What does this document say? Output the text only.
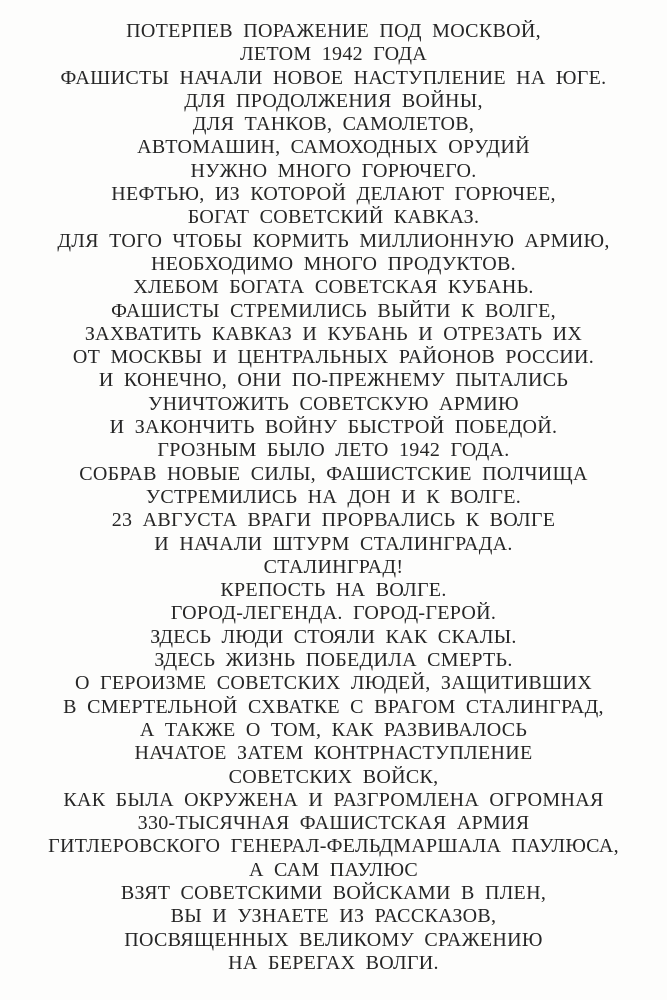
ПОТЕРПЕВ ПОРАЖЕНИЕ ПОД МОСКВОЙ,
ЛЕТОМ 1942 ГОДА
ФАШИСТЫ НАЧАЛИ НОВОЕ НАСТУПЛЕНИЕ НА ЮГЕ.
ДЛЯ ПРОДОЛЖЕНИЯ ВОЙНЫ,
ДЛЯ ТАНКОВ, САМОЛЕТОВ,
АВТОМАШИН, САМОХОДНЫХ ОРУДИЙ
НУЖНО МНОГО ГОРЮЧЕГО.
НЕФТЬЮ, ИЗ КОТОРОЙ ДЕЛАЮТ ГОРЮЧЕЕ,
БОГАТ СОВЕТСКИЙ КАВКАЗ.
ДЛЯ ТОГО ЧТОБЫ КОРМИТЬ МИЛЛИОННУЮ АРМИЮ,
НЕОБХОДИМО МНОГО ПРОДУКТОВ.
ХЛЕБОМ БОГАТА СОВЕТСКАЯ КУБАНЬ.
ФАШИСТЫ СТРЕМИЛИСЬ ВЫЙТИ К ВОЛГЕ,
ЗАХВАТИТЬ КАВКАЗ И КУБАНЬ И ОТРЕЗАТЬ ИХ
ОТ МОСКВЫ И ЦЕНТРАЛЬНЫХ РАЙОНОВ РОССИИ.
И КОНЕЧНО, ОНИ ПО-ПРЕЖНЕМУ ПЫТАЛИСЬ
УНИЧТОЖИТЬ СОВЕТСКУЮ АРМИЮ
И ЗАКОНЧИТЬ ВОЙНУ БЫСТРОЙ ПОБЕДОЙ.
ГРОЗНЫМ БЫЛО ЛЕТО 1942 ГОДА.
СОБРАВ НОВЫЕ СИЛЫ, ФАШИСТСКИЕ ПОЛЧИЩА
УСТРЕМИЛИСЬ НА ДОН И К ВОЛГЕ.
23 АВГУСТА ВРАГИ ПРОРВАЛИСЬ К ВОЛГЕ
И НАЧАЛИ ШТУРМ СТАЛИНГРАДА.
СТАЛИНГРАД!
КРЕПОСТЬ НА ВОЛГЕ.
ГОРОД-ЛЕГЕНДА. ГОРОД-ГЕРОЙ.
ЗДЕСЬ ЛЮДИ СТОЯЛИ КАК СКАЛЫ.
ЗДЕСЬ ЖИЗНЬ ПОБЕДИЛА СМЕРТЬ.
О ГЕРОИЗМЕ СОВЕТСКИХ ЛЮДЕЙ, ЗАЩИТИВШИХ
В СМЕРТЕЛЬНОЙ СХВАТКЕ С ВРАГОМ СТАЛИНГРАД,
А ТАКЖЕ О ТОМ, КАК РАЗВИВАЛОСЬ
НАЧАТОЕ ЗАТЕМ КОНТРНАСТУПЛЕНИЕ
СОВЕТСКИХ ВОЙСК,
КАК БЫЛА ОКРУЖЕНА И РАЗГРОМЛЕНА ОГРОМНАЯ
330-ТЫСЯЧНАЯ ФАШИСТСКАЯ АРМИЯ
ГИТЛЕРОВСКОГО ГЕНЕРАЛ-ФЕЛЬДМАРШАЛА ПАУЛЮСА,
А САМ ПАУЛЮС
ВЗЯТ СОВЕТСКИМИ ВОЙСКАМИ В ПЛЕН,
ВЫ И УЗНАЕТЕ ИЗ РАССКАЗОВ,
ПОСВЯЩЕННЫХ ВЕЛИКОМУ СРАЖЕНИЮ
НА БЕРЕГАХ ВОЛГИ.
